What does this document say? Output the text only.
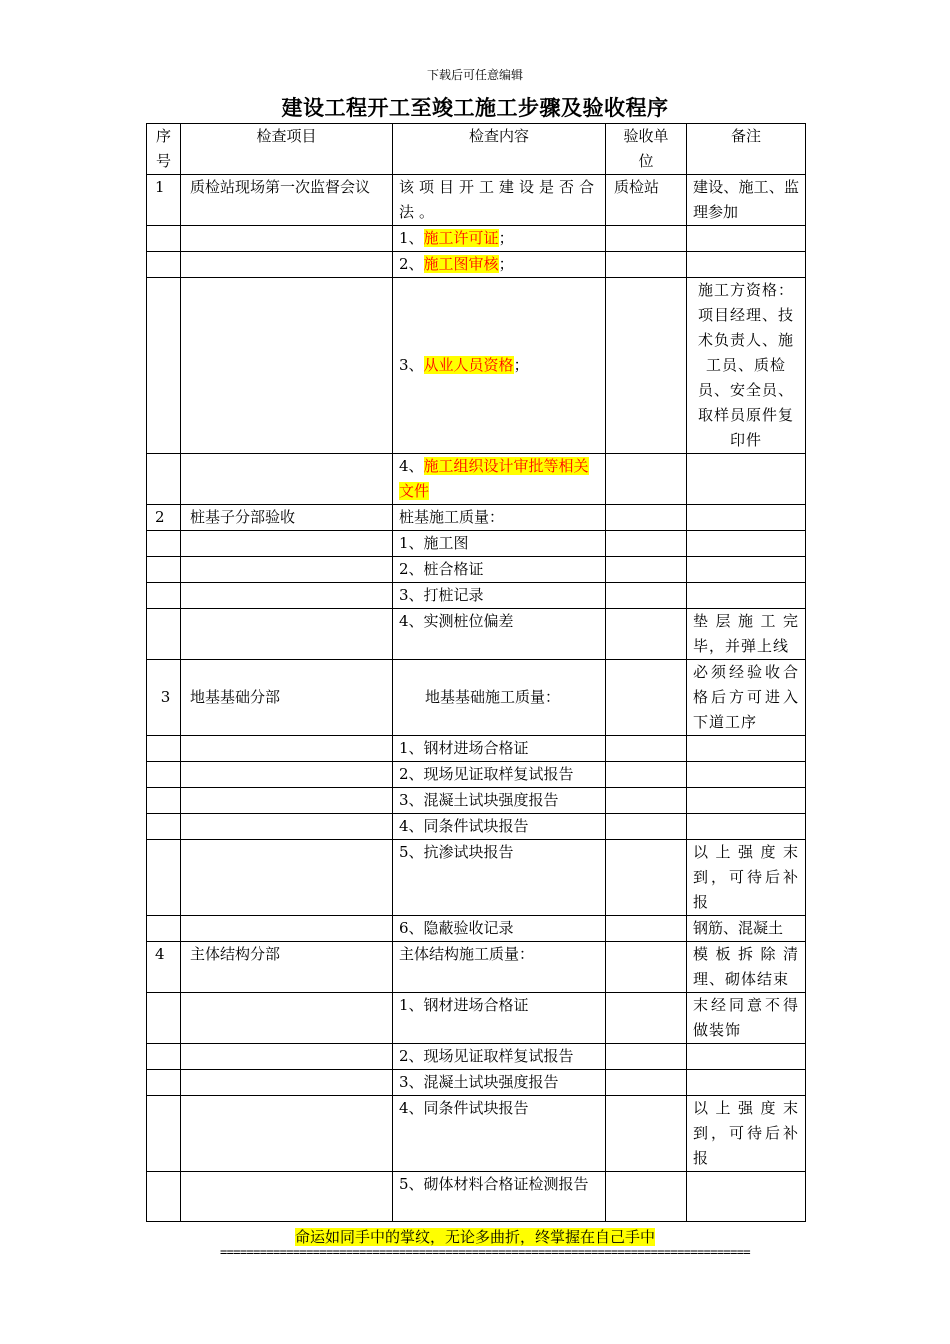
下载后可任意编辑
建设工程开工至竣工施工步骤及验收程序
序号	检查项目	检查内容	验收单位	备注
1	质检站现场第一次监督会议	该项目开工建设是否合法。	质检站	建设、施工、监理参加
		1、施工许可证；		
		2、施工图审核；		
		3、从业人员资格；		施工方资格：项目经理、技术负责人、施工员、质检员、安全员、取样员原件复印件
		4、施工组织设计审批等相关文件		
2	桩基子分部验收	桩基施工质量：		
		1、施工图		
		2、桩合格证		
		3、打桩记录		
		4、实测桩位偏差		垫层施工完毕，并弹上线
3	地基基础分部	地基基础施工质量：		必须经验收合格后方可进入下道工序
		1、钢材进场合格证		
		2、现场见证取样复试报告		
		3、混凝土试块强度报告		
		4、同条件试块报告		
		5、抗渗试块报告		以上强度末到，可待后补报
		6、隐蔽验收记录		钢筋、混凝土
4	主体结构分部	主体结构施工质量：		模板拆除清理、砌体结束
		1、钢材进场合格证		末经同意不得做装饰
		2、现场见证取样复试报告		
		3、混凝土试块强度报告		
		4、同条件试块报告		以上强度末到，可待后补报
		5、砌体材料合格证检测报告		
命运如同手中的掌纹，无论多曲折，终掌握在自己手中
================================================================================
